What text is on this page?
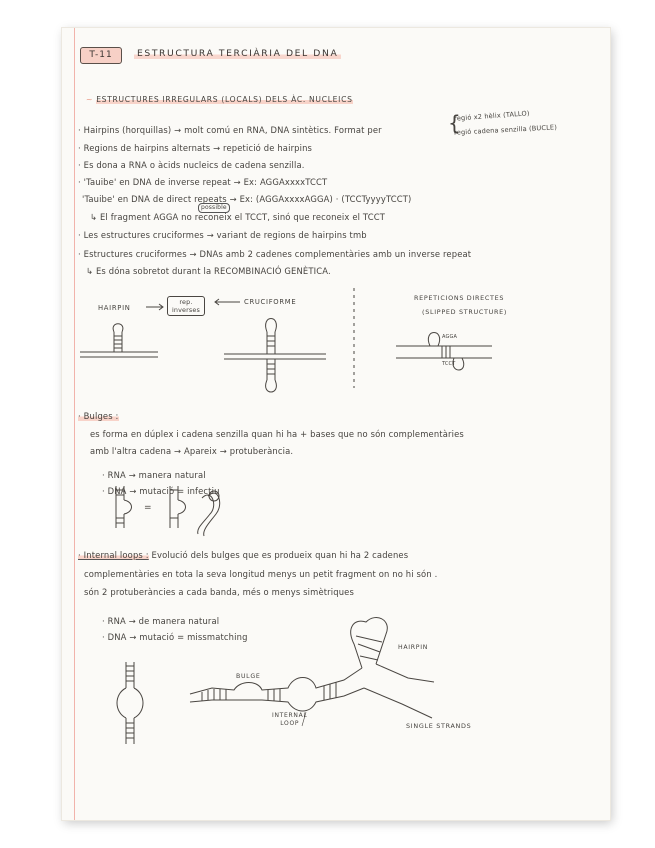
T-11	ESTRUCTURA TERCIÀRIA DEL DNA
~ ESTRUCTURES IRREGULARS (LOCALS) DELS ÀC. NUCLEICS
· Hairpins (horquillas) → molt comú en RNA, DNA sintètics. Format per
regió x2 hèlix (TALLO)
regió cadena senzilla (BUCLE)
{
· Regions de hairpins alternats → repetició de hairpins
· Es dona a RNA o àcids nucleics de cadena senzilla.
· 'Tauibe' en DNA de inverse repeat → Ex: AGGAxxxxTCCT
'Tauibe' en DNA de direct repeats → Ex: (AGGAxxxxAGGA) · (TCCTyyyyTCCT)
possible
↳ El fragment AGGA no reconeix el TCCT, sinó que reconeix el TCCT
· Les estructures cruciformes → variant de regions de hairpins tmb
· Estructures cruciformes → DNAs amb 2 cadenes complementàries amb un inverse repeat
↳ Es dóna sobretot durant la RECOMBINACIÓ GENÈTICA.
HAIRPIN
rep.
inverses
CRUCIFORME	REPETICIONS DIRECTES
(SLIPPED STRUCTURE)
AGGA
TCCT
· Bulges :
es forma en dúplex i cadena senzilla quan hi ha + bases que no són complementàries
amb l'altra cadena → Apareix → protuberància.
· RNA → manera natural
· DNA → mutació = infectiu
=
· Internal loops : Evolució dels bulges que es produeix quan hi ha 2 cadenes
complementàries en tota la seva longitud menys un petit fragment on no hi són .
són 2 protuberàncies a cada banda, més o menys simètriques
· RNA → de manera natural
· DNA → mutació = missmatching
BULGE
HAIRPIN
INTERNAL
LOOP	SINGLE STRANDS
